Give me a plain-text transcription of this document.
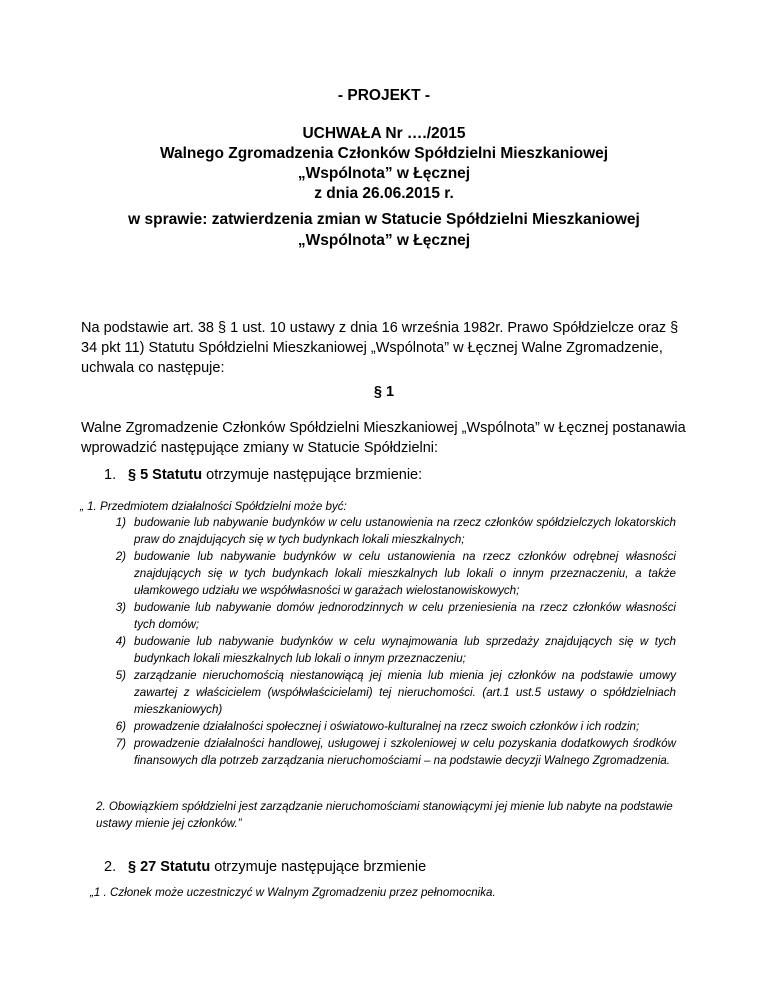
- PROJEKT -
UCHWAŁA Nr …./2015
Walnego Zgromadzenia Członków Spółdzielni Mieszkaniowej
„Wspólnota” w Łęcznej
z dnia 26.06.2015 r.
w sprawie: zatwierdzenia zmian w Statucie Spółdzielni Mieszkaniowej
„Wspólnota” w Łęcznej
Na podstawie art. 38 § 1 ust. 10 ustawy z dnia 16 września 1982r. Prawo Spółdzielcze oraz § 34 pkt 11) Statutu Spółdzielni Mieszkaniowej „Wspólnota” w Łęcznej Walne Zgromadzenie, uchwala co następuje:
§ 1
Walne Zgromadzenie Członków Spółdzielni Mieszkaniowej „Wspólnota” w Łęcznej postanawia wprowadzić następujące zmiany w Statucie Spółdzielni:
1. § 5 Statutu otrzymuje następujące brzmienie:
„ 1. Przedmiotem działalności Spółdzielni może być:
1) budowanie lub nabywanie budynków w celu ustanowienia na rzecz członków spółdzielczych lokatorskich praw do znajdujących się w tych budynkach lokali mieszkalnych;
2) budowanie lub nabywanie budynków w celu ustanowienia na rzecz członków odrębnej własności znajdujących się w tych budynkach lokali mieszkalnych lub lokali o innym przeznaczeniu, a także ułamkowego udziału we współwłasności w garażach wielostanowiskowych;
3) budowanie lub nabywanie domów jednorodzinnych w celu przeniesienia na rzecz członków własności tych domów;
4) budowanie lub nabywanie budynków w celu wynajmowania lub sprzedaży znajdujących się w tych budynkach lokali mieszkalnych lub lokali o innym przeznaczeniu;
5) zarządzanie nieruchomością niestanowiącą jej mienia lub mienia jej członków na podstawie umowy zawartej z właścicielem (współwłaścicielami) tej nieruchomości. (art.1 ust.5 ustawy o spółdzielniach mieszkaniowych)
6) prowadzenie działalności społecznej i oświatowo-kulturalnej na rzecz swoich członków i ich rodzin;
7) prowadzenie działalności handlowej, usługowej i szkoleniowej w celu pozyskania dodatkowych środków finansowych dla potrzeb zarządzania nieruchomościami – na podstawie decyzji Walnego Zgromadzenia.
2. Obowiązkiem spółdzielni jest zarządzanie nieruchomościami stanowiącymi jej mienie lub nabyte na podstawie ustawy mienie jej członków.”
2. § 27 Statutu otrzymuje następujące brzmienie
„1 . Członek może uczestniczyć w Walnym Zgromadzeniu przez pełnomocnika.
